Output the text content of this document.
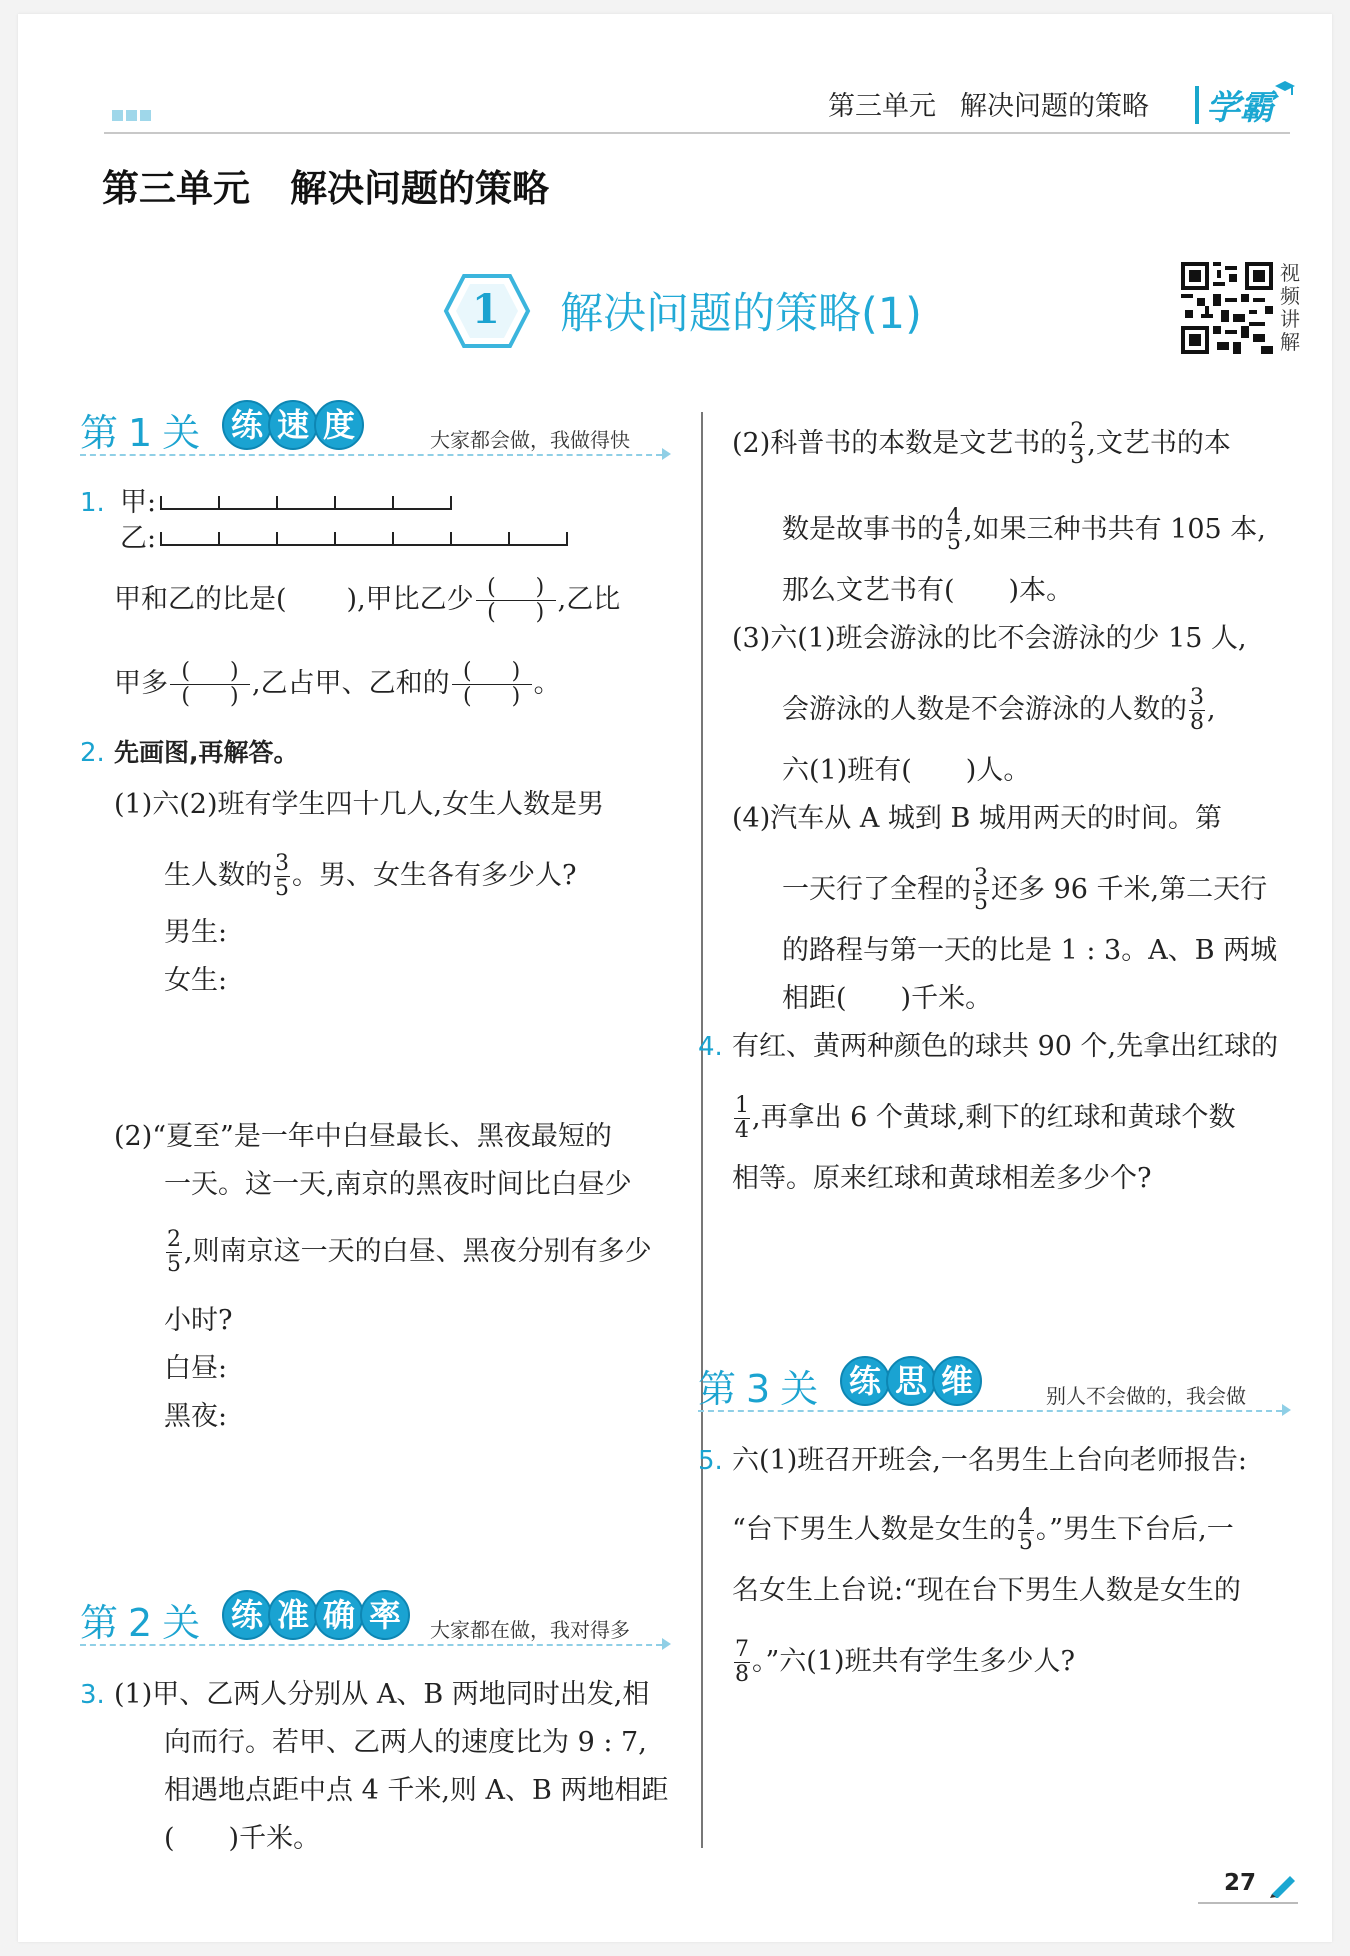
第三单元 解决问题的策略 学霸
第三单元 解决问题的策略
1 解决问题的策略(1)
视
频
讲
解
第 1 关 练 速 度	大家都会做，我做得快
1. 甲:
乙:
甲和乙的比是( ),甲比乙少 $\frac{( )}{( )}$ ,乙比
甲多 $\frac{( )}{( )}$ ,乙占甲、乙和的 $\frac{( )}{( )}$ 。
2. 先画图,再解答。
(1)六(2)班有学生四十几人,女生人数是男
生人数的 $\frac{3}{5}$ 。男、女生各有多少人?
男生:
女生:
(2)“夏至”是一年中白昼最长、黑夜最短的
一天。这一天,南京的黑夜时间比白昼少
$\frac{2}{5}$ ,则南京这一天的白昼、黑夜分别有多少
小时?
白昼:
黑夜:
第 2 关 练 准 确 率	大家都在做，我对得多
3. (1)甲、乙两人分别从 A、B 两地同时出发,相
向而行。若甲、乙两人的速度比为 9 : 7,
相遇地点距中点 4 千米,则 A、B 两地相距
(　　)千米。
(2)科普书的本数是文艺书的 $\frac{2}{3}$ ,文艺书的本
数是故事书的 $\frac{4}{5}$ ,如果三种书共有 105 本,
那么文艺书有(　　)本。
(3)六(1)班会游泳的比不会游泳的少 15 人,
会游泳的人数是不会游泳的人数的 $\frac{3}{8}$ ,
六(1)班有(　　)人。
(4)汽车从 A 城到 B 城用两天的时间。第
一天行了全程的 $\frac{3}{5}$ 还多 96 千米,第二天行
的路程与第一天的比是 1 : 3。A、B 两城
相距(　　)千米。
4. 有红、黄两种颜色的球共 90 个,先拿出红球的
$\frac{1}{4}$ ,再拿出 6 个黄球,剩下的红球和黄球个数
相等。原来红球和黄球相差多少个?
第 3 关 练 思 维	别人不会做的，我会做
5. 六(1)班召开班会,一名男生上台向老师报告:
“台下男生人数是女生的 $\frac{4}{5}$ 。”男生下台后,一
名女生上台说:“现在台下男生人数是女生的
$\frac{7}{8}$ 。”六(1)班共有学生多少人?
27
